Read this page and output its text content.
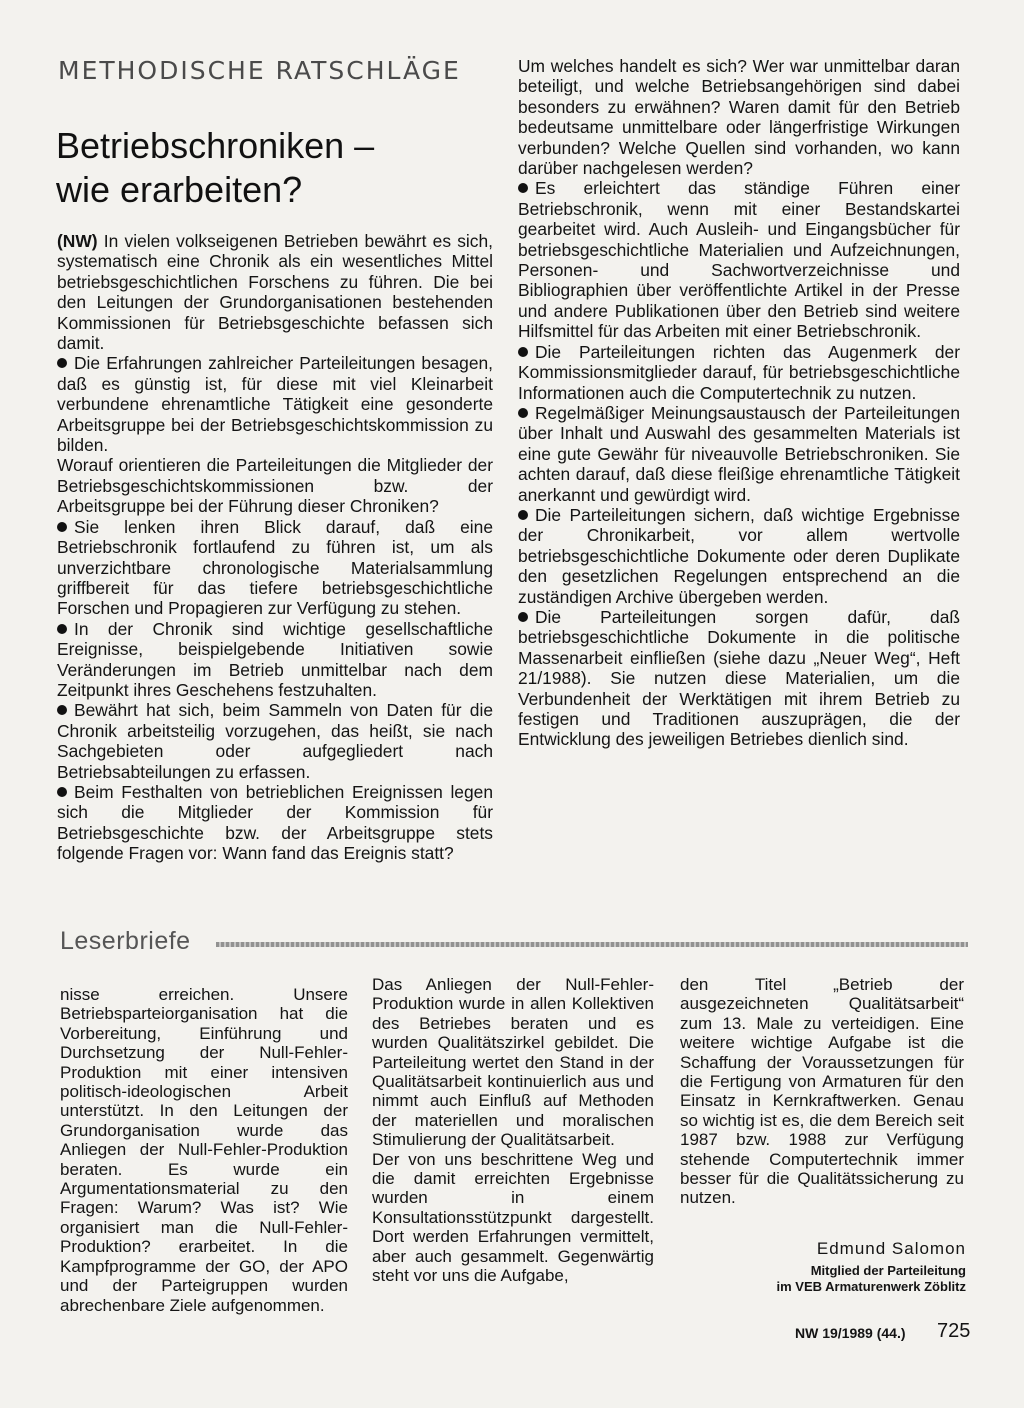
METHODISCHE RATSCHLÄGE
Betriebschroniken –
wie erarbeiten?

(NW) In vielen volkseigenen Betrieben bewährt es sich, systematisch eine Chronik als ein wesentliches Mittel betriebsgeschichtlichen Forschens zu führen. Die bei den Leitungen der Grundorganisationen bestehenden Kommissionen für Betriebsgeschichte befassen sich damit.

Die Erfahrungen zahlreicher Parteileitungen besagen, daß es günstig ist, für diese mit viel Kleinarbeit verbundene ehrenamtliche Tätigkeit eine gesonderte Arbeitsgruppe bei der Betriebsgeschichtskommission zu bilden.

Worauf orientieren die Parteileitungen die Mitglieder der Betriebsgeschichtskommissionen bzw. der Arbeitsgruppe bei der Führung dieser Chroniken?

Sie lenken ihren Blick darauf, daß eine Betriebschronik fortlaufend zu führen ist, um als unverzichtbare chronologische Materialsammlung griffbereit für das tiefere betriebsgeschichtliche Forschen und Propagieren zur Verfügung zu stehen.

In der Chronik sind wichtige gesellschaftliche Ereignisse, beispielgebende Initiativen sowie Veränderungen im Betrieb unmittelbar nach dem Zeitpunkt ihres Geschehens festzuhalten.

Bewährt hat sich, beim Sammeln von Daten für die Chronik arbeitsteilig vorzugehen, das heißt, sie nach Sachgebieten oder aufgegliedert nach Betriebsabteilungen zu erfassen.

Beim Festhalten von betrieblichen Ereignissen legen sich die Mitglieder der Kommission für Betriebsgeschichte bzw. der Arbeitsgruppe stets folgende Fragen vor: Wann fand das Ereignis statt?

Um welches handelt es sich? Wer war unmittelbar daran beteiligt, und welche Betriebsangehörigen sind dabei besonders zu erwähnen? Waren damit für den Betrieb bedeutsame unmittelbare oder längerfristige Wirkungen verbunden? Welche Quellen sind vorhanden, wo kann darüber nachgelesen werden?

Es erleichtert das ständige Führen einer Betriebschronik, wenn mit einer Bestandskartei gearbeitet wird. Auch Ausleih- und Eingangsbücher für betriebsgeschichtliche Materialien und Aufzeichnungen, Personen- und Sachwortverzeichnisse und Bibliographien über veröffentlichte Artikel in der Presse und andere Publikationen über den Betrieb sind weitere Hilfsmittel für das Arbeiten mit einer Betriebschronik.

Die Parteileitungen richten das Augenmerk der Kommissionsmitglieder darauf, für betriebsgeschichtliche Informationen auch die Computertechnik zu nutzen.

Regelmäßiger Meinungsaustausch der Parteileitungen über Inhalt und Auswahl des gesammelten Materials ist eine gute Gewähr für niveauvolle Betriebschroniken. Sie achten darauf, daß diese fleißige ehrenamtliche Tätigkeit anerkannt und gewürdigt wird.

Die Parteileitungen sichern, daß wichtige Ergebnisse der Chronikarbeit, vor allem wertvolle betriebsgeschichtliche Dokumente oder deren Duplikate den gesetzlichen Regelungen entsprechend an die zuständigen Archive übergeben werden.

Die Parteileitungen sorgen dafür, daß betriebsgeschichtliche Dokumente in die politische Massenarbeit einfließen (siehe dazu „Neuer Weg“, Heft 21/1988). Sie nutzen diese Materialien, um die Verbundenheit der Werktätigen mit ihrem Betrieb zu festigen und Traditionen auszuprägen, die der Entwicklung des jeweiligen Betriebes dienlich sind.

Leserbriefe

nisse erreichen. Unsere Betriebsparteiorganisation hat die Vorbereitung, Einführung und Durchsetzung der Null-Fehler-Produktion mit einer intensiven politisch-ideologischen Arbeit unterstützt. In den Leitungen der Grundorganisation wurde das Anliegen der Null-Fehler-Produktion beraten. Es wurde ein Argumentationsmaterial zu den Fragen: Warum? Was ist? Wie organisiert man die Null-Fehler-Produktion? erarbeitet. In die Kampfprogramme der GO, der APO und der Parteigruppen wurden abrechenbare Ziele aufgenommen.

Das Anliegen der Null-Fehler-Produktion wurde in allen Kollektiven des Betriebes beraten und es wurden Qualitätszirkel gebildet. Die Parteileitung wertet den Stand in der Qualitätsarbeit kontinuierlich aus und nimmt auch Einfluß auf Methoden der materiellen und moralischen Stimulierung der Qualitätsarbeit.

Der von uns beschrittene Weg und die damit erreichten Ergebnisse wurden in einem Konsultationsstützpunkt dargestellt. Dort werden Erfahrungen vermittelt, aber auch gesammelt. Gegenwärtig steht vor uns die Aufgabe,

den Titel „Betrieb der ausgezeichneten Qualitätsarbeit“ zum 13. Male zu verteidigen. Eine weitere wichtige Aufgabe ist die Schaffung der Voraussetzungen für die Fertigung von Armaturen für den Einsatz in Kernkraftwerken. Genau so wichtig ist es, die dem Bereich seit 1987 bzw. 1988 zur Verfügung stehende Computertechnik immer besser für die Qualitätssicherung zu nutzen.

Edmund Salomon
Mitglied der Parteileitung
im VEB Armaturenwerk Zöblitz
NW 19/1989 (44.) 725
